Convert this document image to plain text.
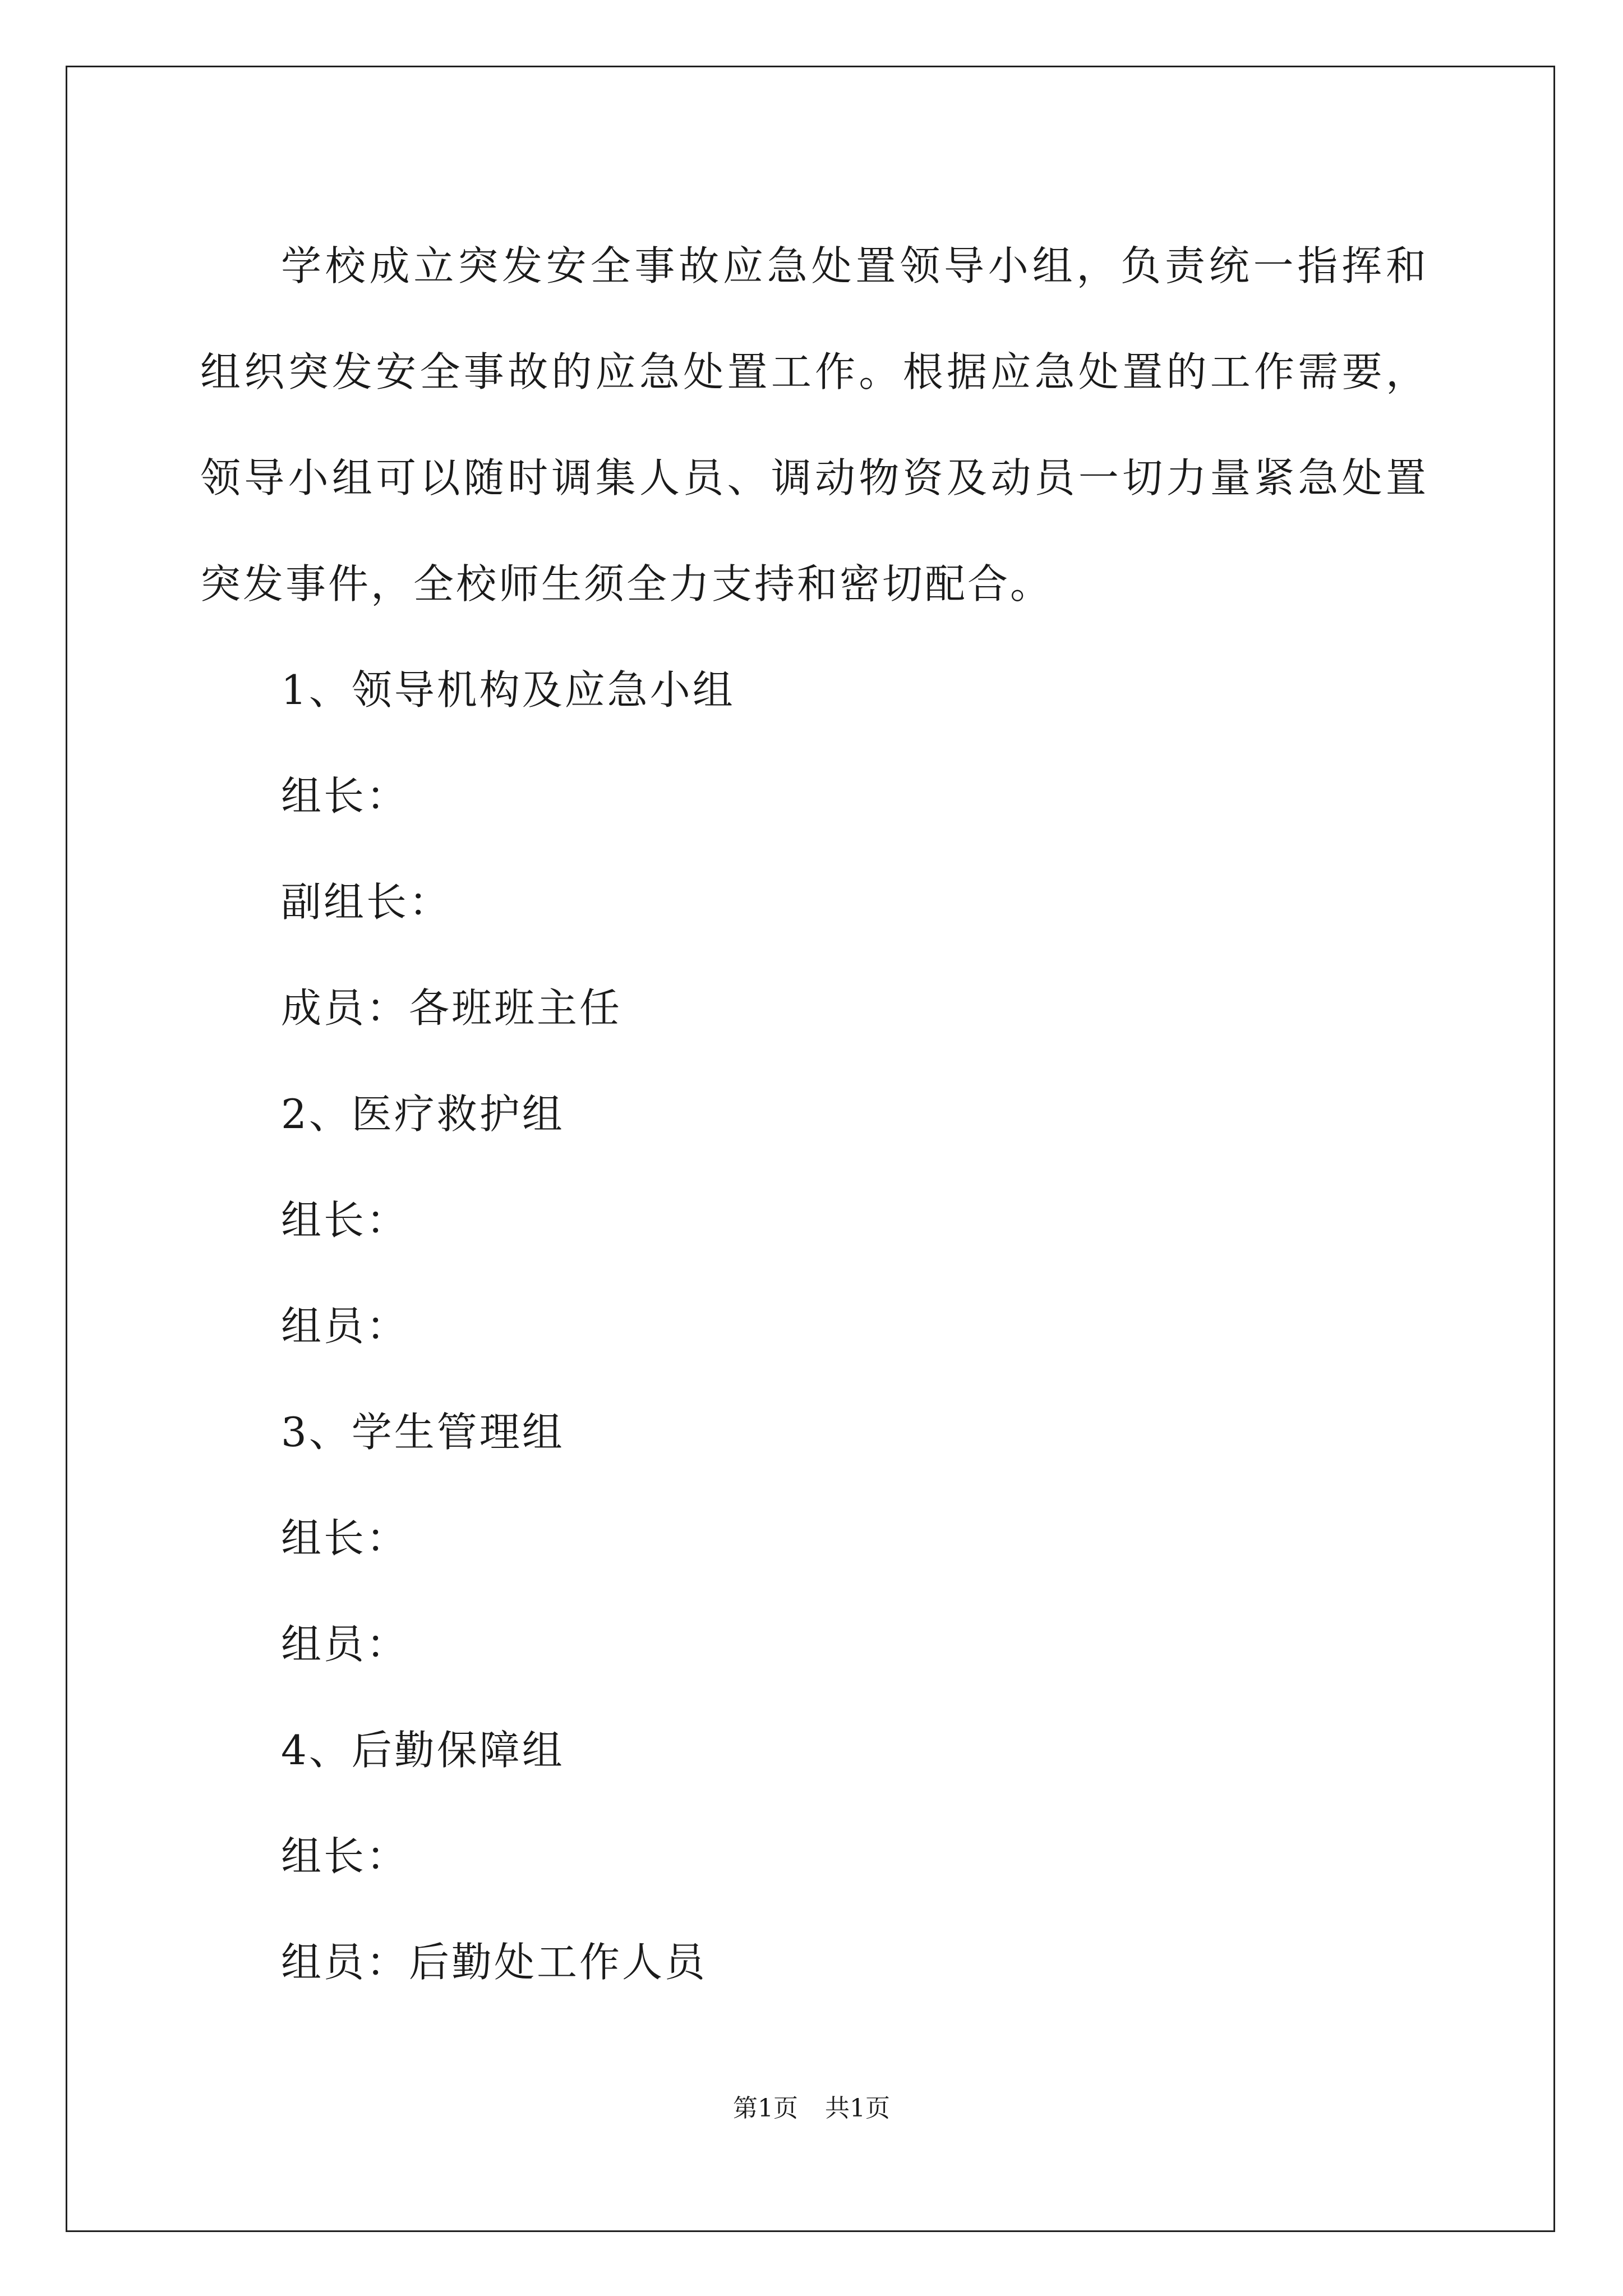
学校成立突发安全事故应急处置领导小组，负责统一指挥和组织突发安全事故的应急处置工作。根据应急处置的工作需要，领导小组可以随时调集人员、调动物资及动员一切力量紧急处置突发事件，全校师生须全力支持和密切配合。

1、领导机构及应急小组

组长：

副组长：

成员：各班班主任

2、医疗救护组

组长：

组员：

3、学生管理组

组长：

组员：

4、后勤保障组

组长：

组员：后勤处工作人员

第1页 共1页
